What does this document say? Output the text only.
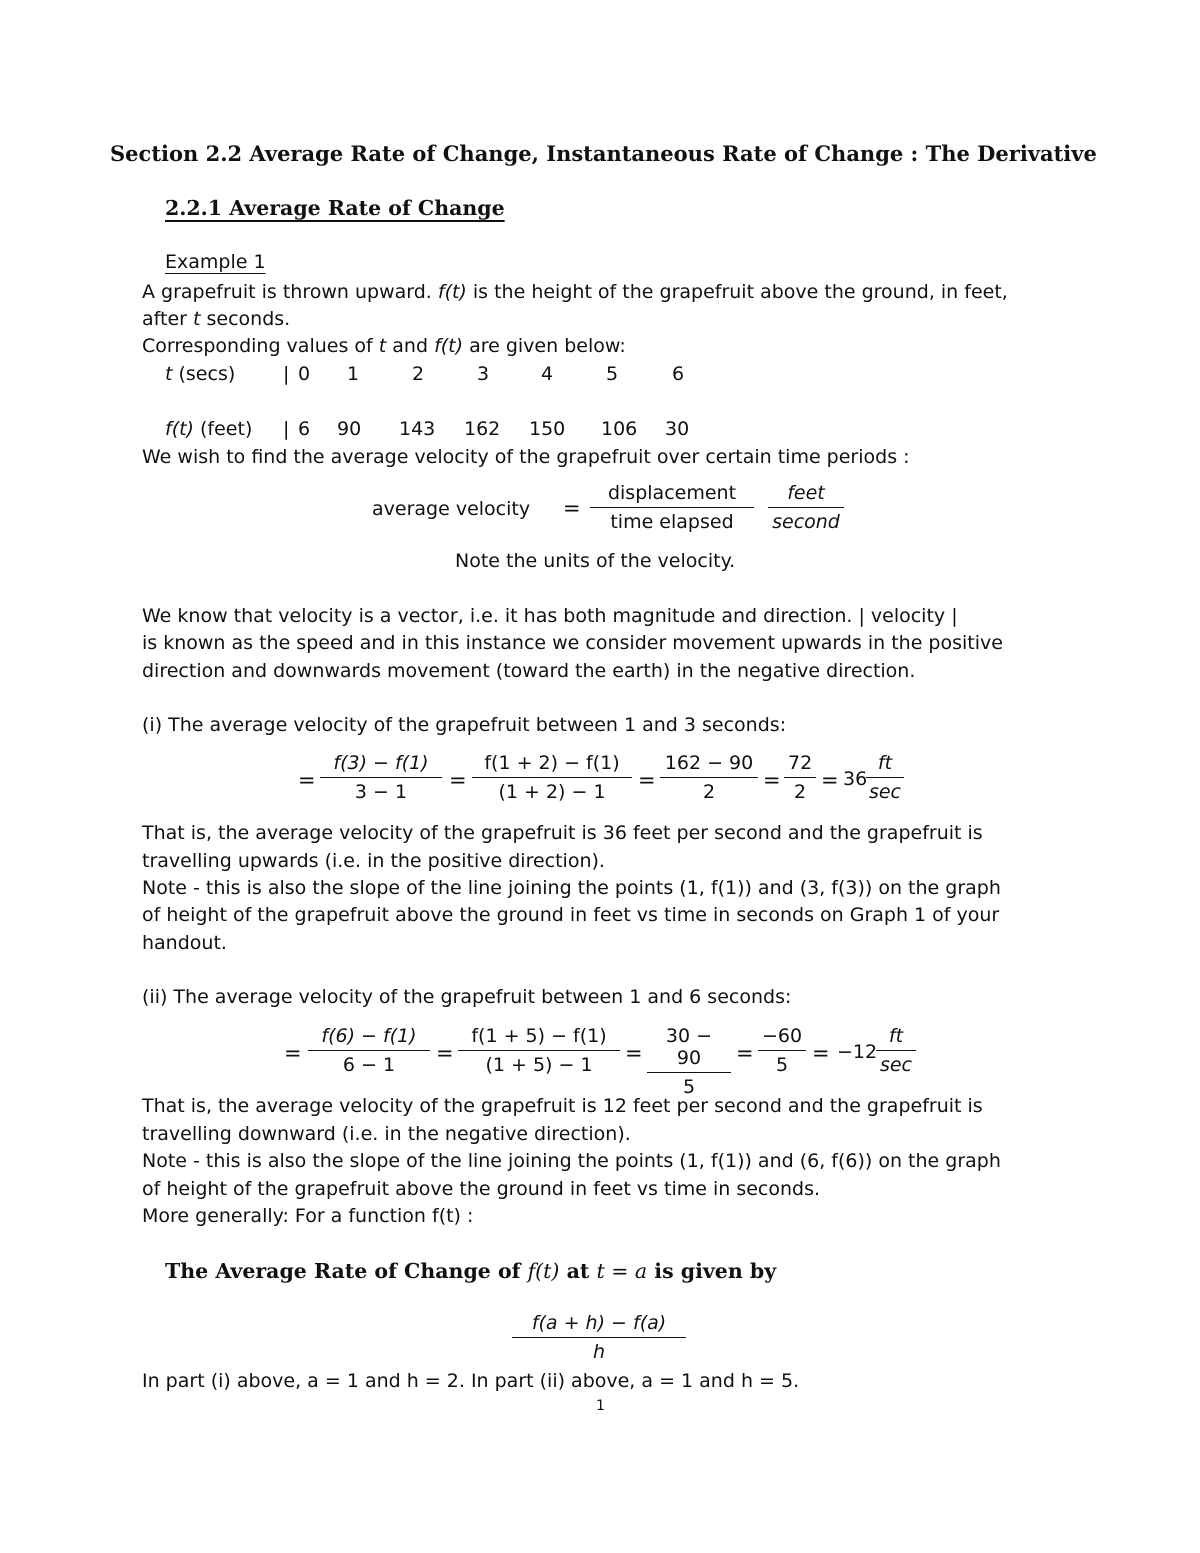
Section 2.2 Average Rate of Change, Instantaneous Rate of Change : The Derivative
2.2.1 Average Rate of Change
Example 1
A grapefruit is thrown upward. f(t) is the height of the grapefruit above the ground, in feet,
after t seconds.
Corresponding values of t and f(t) are given below:
t (secs)	| 0 1	2	3	4	5	6
f(t) (feet) | 6 90 143 162 150 106 30
We wish to find the average velocity of the grapefruit over certain time periods :
average velocity =
displacement
time elapsed
feet
second
Note the units of the velocity.
We know that velocity is a vector, i.e. it has both magnitude and direction. | velocity |
is known as the speed and in this instance we consider movement upwards in the positive
direction and downwards movement (toward the earth) in the negative direction.
(i) The average velocity of the grapefruit between 1 and 3 seconds:
= $\frac{f(3) - f(1)}{3 - 1} = \frac{f(1 + 2) - f(1)}{(1 + 2) - 1} = \frac{162 - 90}{2} = \frac{72}{2} = 36$
ft
sec
That is, the average velocity of the grapefruit is 36 feet per second and the grapefruit is
travelling upwards (i.e. in the positive direction).
Note - this is also the slope of the line joining the points (1, f(1)) and (3, f(3)) on the graph
of height of the grapefruit above the ground in feet vs time in seconds on Graph 1 of your
handout.
(ii) The average velocity of the grapefruit between 1 and 6 seconds:
= $\frac{f(6) - f(1)}{6 - 1} = \frac{f(1 + 5) - f(1)}{(1 + 5) - 1} = \frac{30 - 90}{5} = \frac{-60}{5} = -12$
ft
sec
That is, the average velocity of the grapefruit is 12 feet per second and the grapefruit is
travelling downward (i.e. in the negative direction).
Note - this is also the slope of the line joining the points (1, f(1)) and (6, f(6)) on the graph
of height of the grapefruit above the ground in feet vs time in seconds.
More generally: For a function f(t) :
The Average Rate of Change of f(t) at t = a is given by
$\frac{f(a + h) - f(a)}{h}$
In part (i) above, a = 1 and h = 2. In part (ii) above, a = 1 and h = 5.
1
